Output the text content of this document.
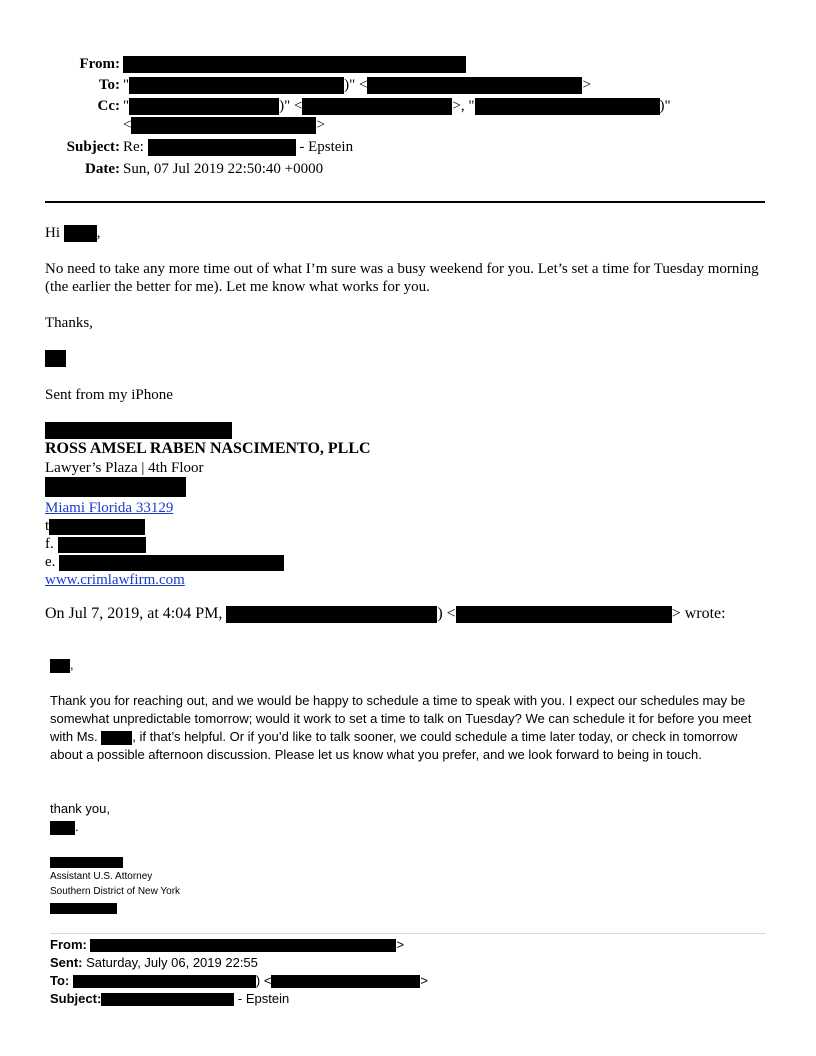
From:
To: "	)" <	>
Cc: "	)" <	>, "	)"
<	>
Subject: Re:	- Epstein
Date: Sun, 07 Jul 2019 22:50:40 +0000
Hi ,
No need to take any more time out of what I’m sure was a busy weekend for you. Let’s set a time for Tuesday morning (the earlier the better for me). Let me know what works for you.
Thanks,
Sent from my iPhone
ROSS AMSEL RABEN NASCIMENTO, PLLC
Lawyer’s Plaza | 4th Floor
Miami Florida 33129
t
f.
e.
www.crimlawfirm.com
On Jul 7, 2019, at 4:04 PM,	) <	> wrote:
,
Thank you for reaching out, and we would be happy to schedule a time to speak with you. I expect our schedules may be somewhat unpredictable tomorrow; would it work to set a time to talk on Tuesday? We can schedule it for before you meet with Ms.	, if that’s helpful. Or if you’d like to talk sooner, we could schedule a time later today, or check in tomorrow about a possible afternoon discussion. Please let us know what you prefer, and we look forward to being in touch.
thank you,
.
Assistant U.S. Attorney
Southern District of New York
From:	>
Sent: Saturday, July 06, 2019 22:55
To:	) <	>
Subject:	- Epstein
